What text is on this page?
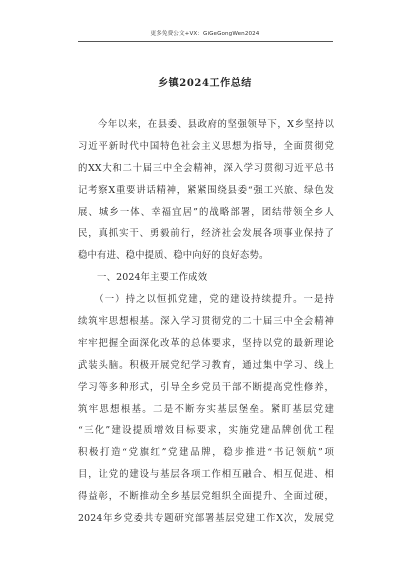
更多免费公文+VX：GiGeGongWen2024
乡镇2024工作总结
　　今年以来，在县委、县政府的坚强领导下，X乡坚持以
习近平新时代中国特色社会主义思想为指导，全面贯彻党
的XX大和二十届三中全会精神，深入学习贯彻习近平总书
记考察X重要讲话精神，紧紧围绕县委“强工兴旅、绿色发
展、城乡一体、幸福宜居”的战略部署，团结带领全乡人
民，真抓实干、勇毅前行，经济社会发展各项事业保持了
稳中有进、稳中提质、稳中向好的良好态势。
　　一、2024年主要工作成效
　　（一）持之以恒抓党建，党的建设持续提升。一是持
续筑牢思想根基。深入学习贯彻党的二十届三中全会精神
牢牢把握全面深化改革的总体要求，坚持以党的最新理论
武装头脑。积极开展党纪学习教育，通过集中学习、线上
学习等多种形式，引导全乡党员干部不断提高党性修养，
筑牢思想根基。二是不断夯实基层堡垒。紧盯基层党建
“三化”建设提质增效目标要求，实施党建品牌创优工程
积极打造“党旗红”党建品牌，稳步推进“书记领航”项
目，让党的建设与基层各项工作相互融合、相互促进、相
得益彰，不断推动全乡基层党组织全面提升、全面过硬，
2024年乡党委共专题研究部署基层党建工作X次，发展党
